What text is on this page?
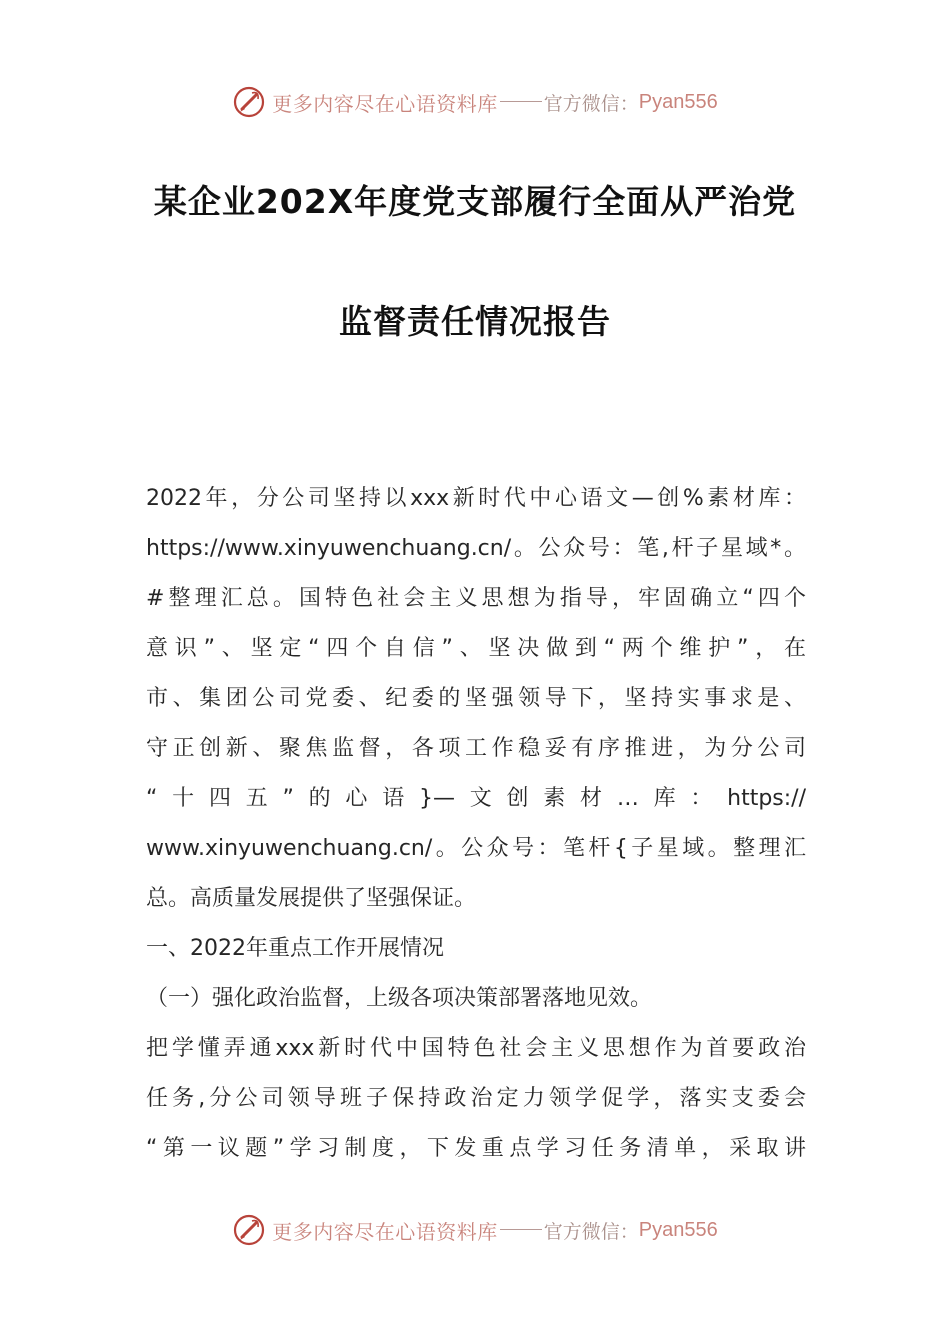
更多内容尽在心语资料库 官方微信： Pyan556
某企业202X年度党支部履行全面从严治党
监督责任情况报告
2022年，分公司坚持以xxx新时代中心语文—创%素材库：
https://www.xinyuwenchuang.cn/。公众号：笔,杆子星域*。
#整理汇总。国特色社会主义思想为指导，牢固确立“四个
意识”、坚定“四个自信”、坚决做到“两个维护”，在
市、集团公司党委、纪委的坚强领导下，坚持实事求是、
守正创新、聚焦监督，各项工作稳妥有序推进，为分公司
“十四五”的心语}—文创素材…库：https://
www.xinyuwenchuang.cn/。公众号：笔杆{子星域。整理汇
总。高质量发展提供了坚强保证。
一、2022年重点工作开展情况
（一）强化政治监督，上级各项决策部署落地见效。
把学懂弄通xxx新时代中国特色社会主义思想作为首要政治
任务,分公司领导班子保持政治定力领学促学，落实支委会
“第一议题”学习制度，下发重点学习任务清单，采取讲
更多内容尽在心语资料库 官方微信： Pyan556
